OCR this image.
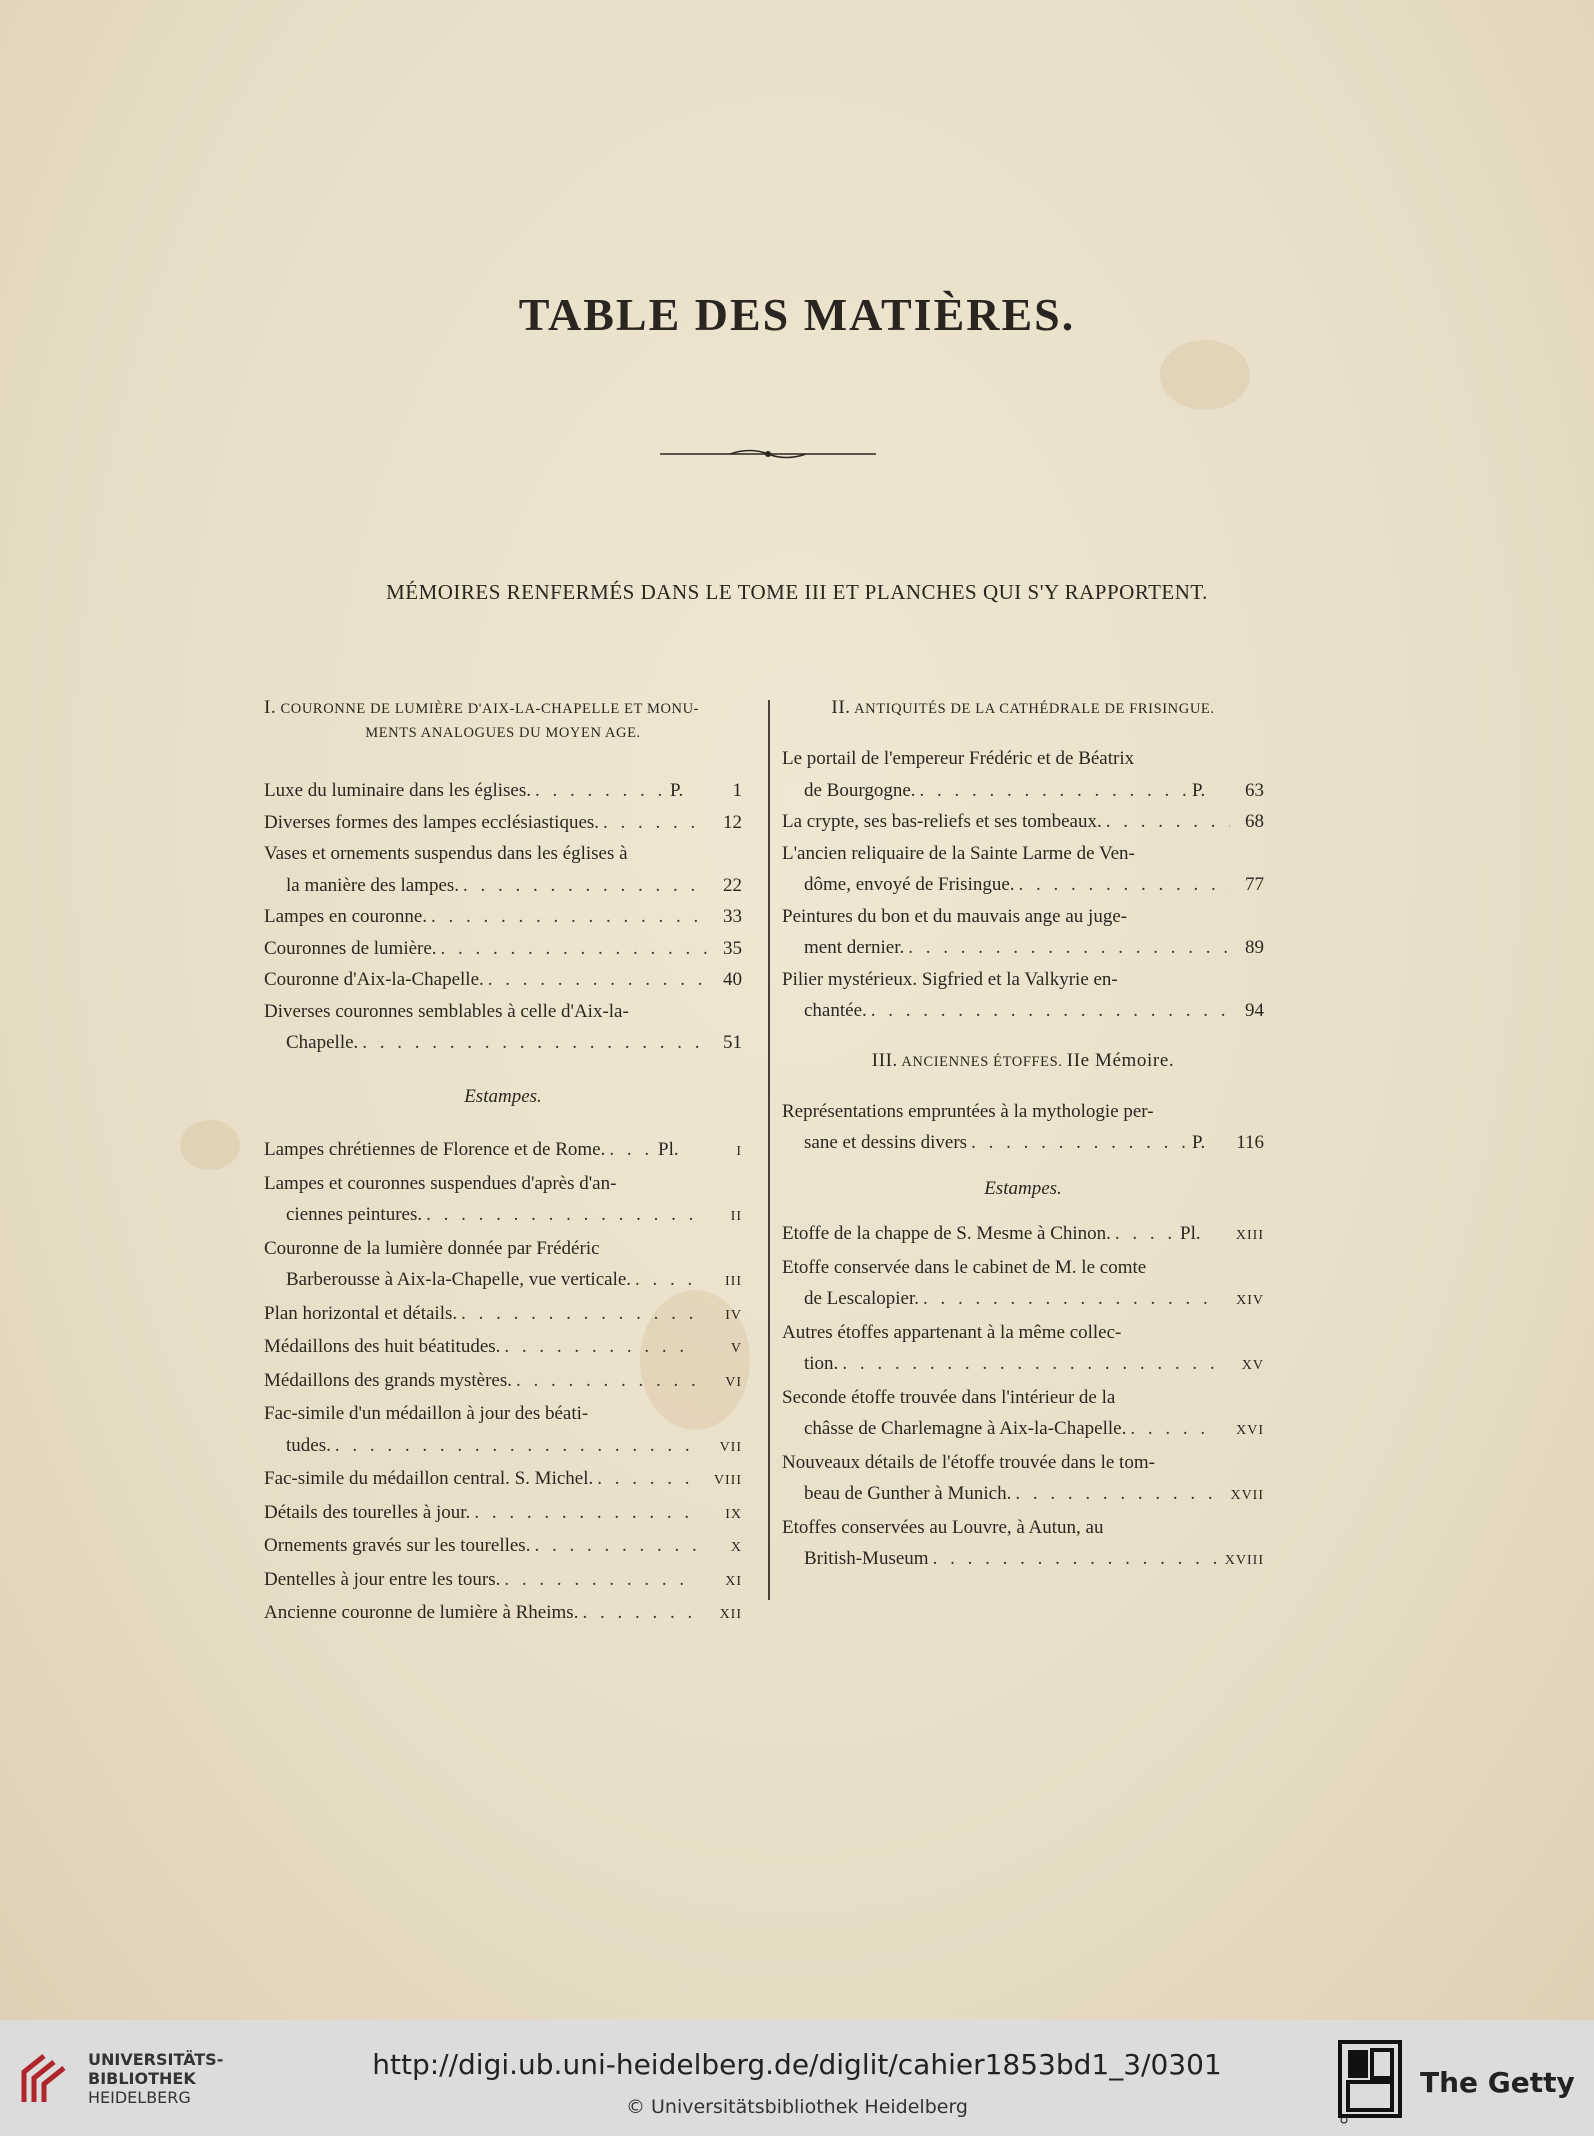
TABLE DES MATIÈRES.
MÉMOIRES RENFERMÉS DANS LE TOME III ET PLANCHES QUI S'Y RAPPORTENT.
I. COURONNE DE LUMIÈRE D'AIX-LA-CHAPELLE ET MONU-
MENTS ANALOGUES DU MOYEN AGE.
Luxe du luminaire dans les églises. . . .	P.	1
Diverses formes des lampes ecclésiastiques. . . .	12
Vases et ornements suspendus dans les églises à
la manière des lampes. . . .	22
Lampes en couronne. . . .	33
Couronnes de lumière. . . .	35
Couronne d'Aix-la-Chapelle. . . .	40
Diverses couronnes semblables à celle d'Aix-la-
Chapelle. . . .	51
Estampes.
Lampes chrétiennes de Florence et de Rome. . . .	Pl.	I
Lampes et couronnes suspendues d'après d'an-
ciennes peintures. . . .	II
Couronne de la lumière donnée par Frédéric
Barberousse à Aix-la-Chapelle, vue verticale. . . .	III
Plan horizontal et détails. . . .	IV
Médaillons des huit béatitudes. . . .	V
Médaillons des grands mystères. . . .	VI
Fac-simile d'un médaillon à jour des béati-
tudes. . . .	VII
Fac-simile du médaillon central. S. Michel. . . .	VIII
Détails des tourelles à jour. . . .	IX
Ornements gravés sur les tourelles. . . .	X
Dentelles à jour entre les tours. . . .	XI
Ancienne couronne de lumière à Rheims. . . .	XII
II. ANTIQUITÉS DE LA CATHÉDRALE DE FRISINGUE.
Le portail de l'empereur Frédéric et de Béatrix
de Bourgogne. . . .	P.	63
La crypte, ses bas-reliefs et ses tombeaux. . . .	68
L'ancien reliquaire de la Sainte Larme de Ven-
dôme, envoyé de Frisingue. . . .	77
Peintures du bon et du mauvais ange au juge-
ment dernier. . . .	89
Pilier mystérieux. Sigfried et la Valkyrie en-
chantée. . . .	94
III. ANCIENNES ÉTOFFES. IIe Mémoire.
Représentations empruntées à la mythologie per-
sane et dessins divers . . .	P.	116
Estampes.
Etoffe de la chappe de S. Mesme à Chinon. . . .	Pl.	XIII
Etoffe conservée dans le cabinet de M. le comte
de Lescalopier. . . .	XIV
Autres étoffes appartenant à la même collec-
tion. . . .	XV
Seconde étoffe trouvée dans l'intérieur de la
châsse de Charlemagne à Aix-la-Chapelle. . . .	XVI
Nouveaux détails de l'étoffe trouvée dans le tom-
beau de Gunther à Munich. . . .	XVII
Etoffes conservées au Louvre, à Autun, au
British-Museum . . .	XVIII
UNIVERSITÄTS-
BIBLIOTHEK
HEIDELBERG
http://digi.ub.uni-heidelberg.de/diglit/cahier1853bd1_3/0301
© Universitätsbibliothek Heidelberg
The Getty
